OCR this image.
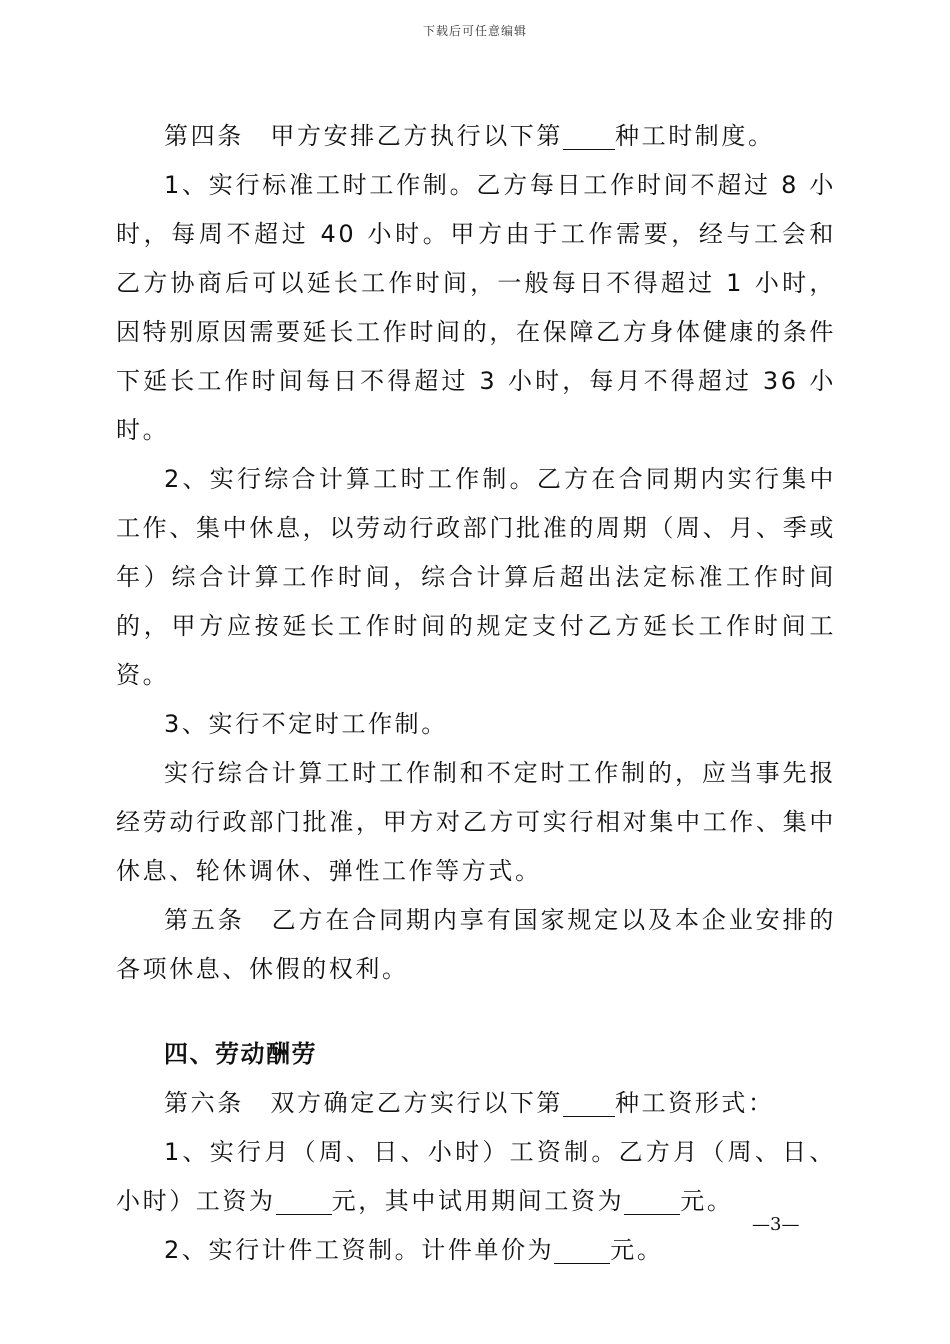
下载后可任意编辑

第四条　甲方安排乙方执行以下第 种工时制度。

1、实行标准工时工作制。乙方每日工作时间不超过 8 小时，每周不超过 40 小时。甲方由于工作需要，经与工会和乙方协商后可以延长工作时间，一般每日不得超过 1 小时，因特别原因需要延长工作时间的，在保障乙方身体健康的条件下延长工作时间每日不得超过 3 小时，每月不得超过 36 小时。

2、实行综合计算工时工作制。乙方在合同期内实行集中工作、集中休息，以劳动行政部门批准的周期（周、月、季或年）综合计算工作时间，综合计算后超出法定标准工作时间的，甲方应按延长工作时间的规定支付乙方延长工作时间工资。

3、实行不定时工作制。

实行综合计算工时工作制和不定时工作制的，应当事先报经劳动行政部门批准，甲方对乙方可实行相对集中工作、集中休息、轮休调休、弹性工作等方式。

第五条　乙方在合同期内享有国家规定以及本企业安排的各项休息、休假的权利。

四、劳动酬劳

第六条　双方确定乙方实行以下第 种工资形式：

1、实行月（周、日、小时）工资制。乙方月（周、日、小时）工资为 元，其中试用期间工资为 元。

2、实行计件工资制。计件单价为 元。

—3—
